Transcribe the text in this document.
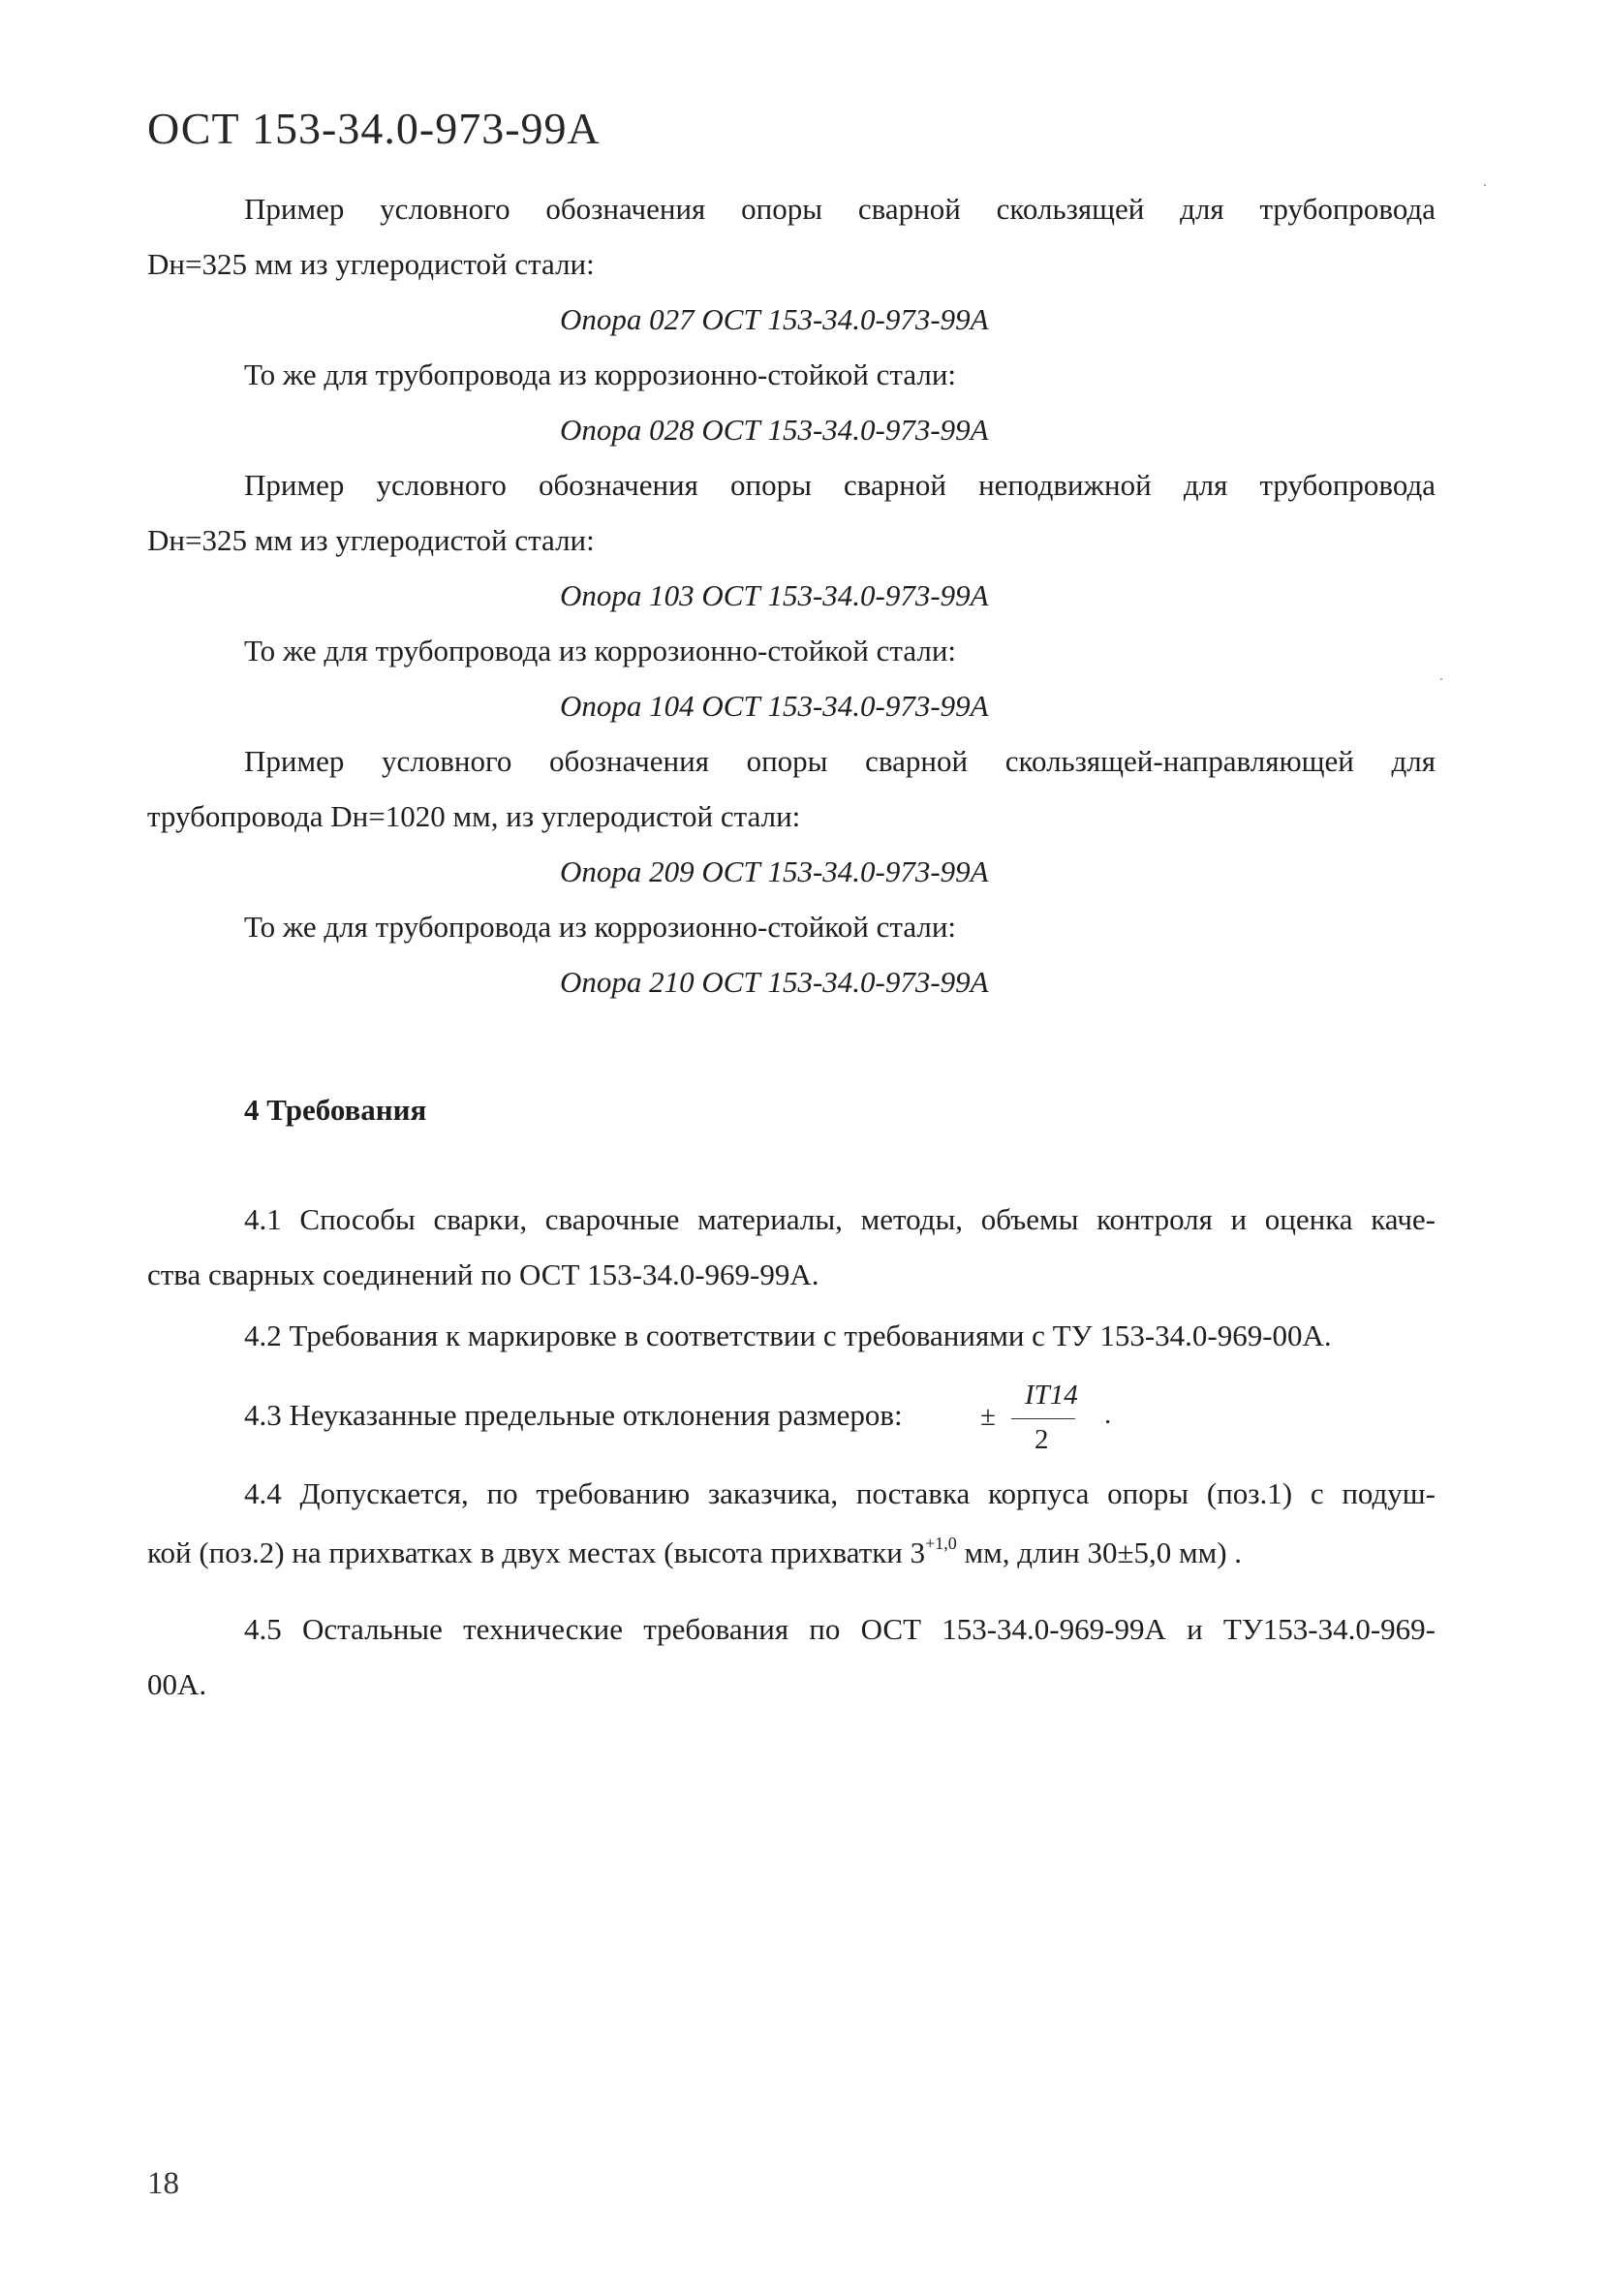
ОСТ 153-34.0-973-99А
Пример условного обозначения опоры сварной скользящей для трубопровода
Dн=325 мм из углеродистой стали:
Опора 027 ОСТ 153-34.0-973-99А
То же для трубопровода из коррозионно-стойкой стали:
Опора 028 ОСТ 153-34.0-973-99А
Пример условного обозначения опоры сварной неподвижной для трубопровода
Dн=325 мм из углеродистой стали:
Опора 103 ОСТ 153-34.0-973-99А
То же для трубопровода из коррозионно-стойкой стали:
Опора 104 ОСТ 153-34.0-973-99А
Пример условного обозначения опоры сварной скользящей-направляющей для
трубопровода Dн=1020 мм, из углеродистой стали:
Опора 209 ОСТ 153-34.0-973-99А
То же для трубопровода из коррозионно-стойкой стали:
Опора 210 ОСТ 153-34.0-973-99А
4 Требования
4.1 Способы сварки, сварочные материалы, методы, объемы контроля и оценка каче-
ства сварных соединений по ОСТ 153-34.0-969-99А.
4.2 Требования к маркировке в соответствии с требованиями с ТУ 153-34.0-969-00А.
4.3 Неуказанные предельные отклонения размеров:	±
IT14
2
.
4.4 Допускается, по требованию заказчика, поставка корпуса опоры (поз.1) с подуш-
кой (поз.2) на прихватках в двух местах (высота прихватки $3^{+1,0}$ мм, длин 30±5,0 мм) .
4.5 Остальные технические требования по ОСТ 153-34.0-969-99А и ТУ153-34.0-969-
00А.
18
